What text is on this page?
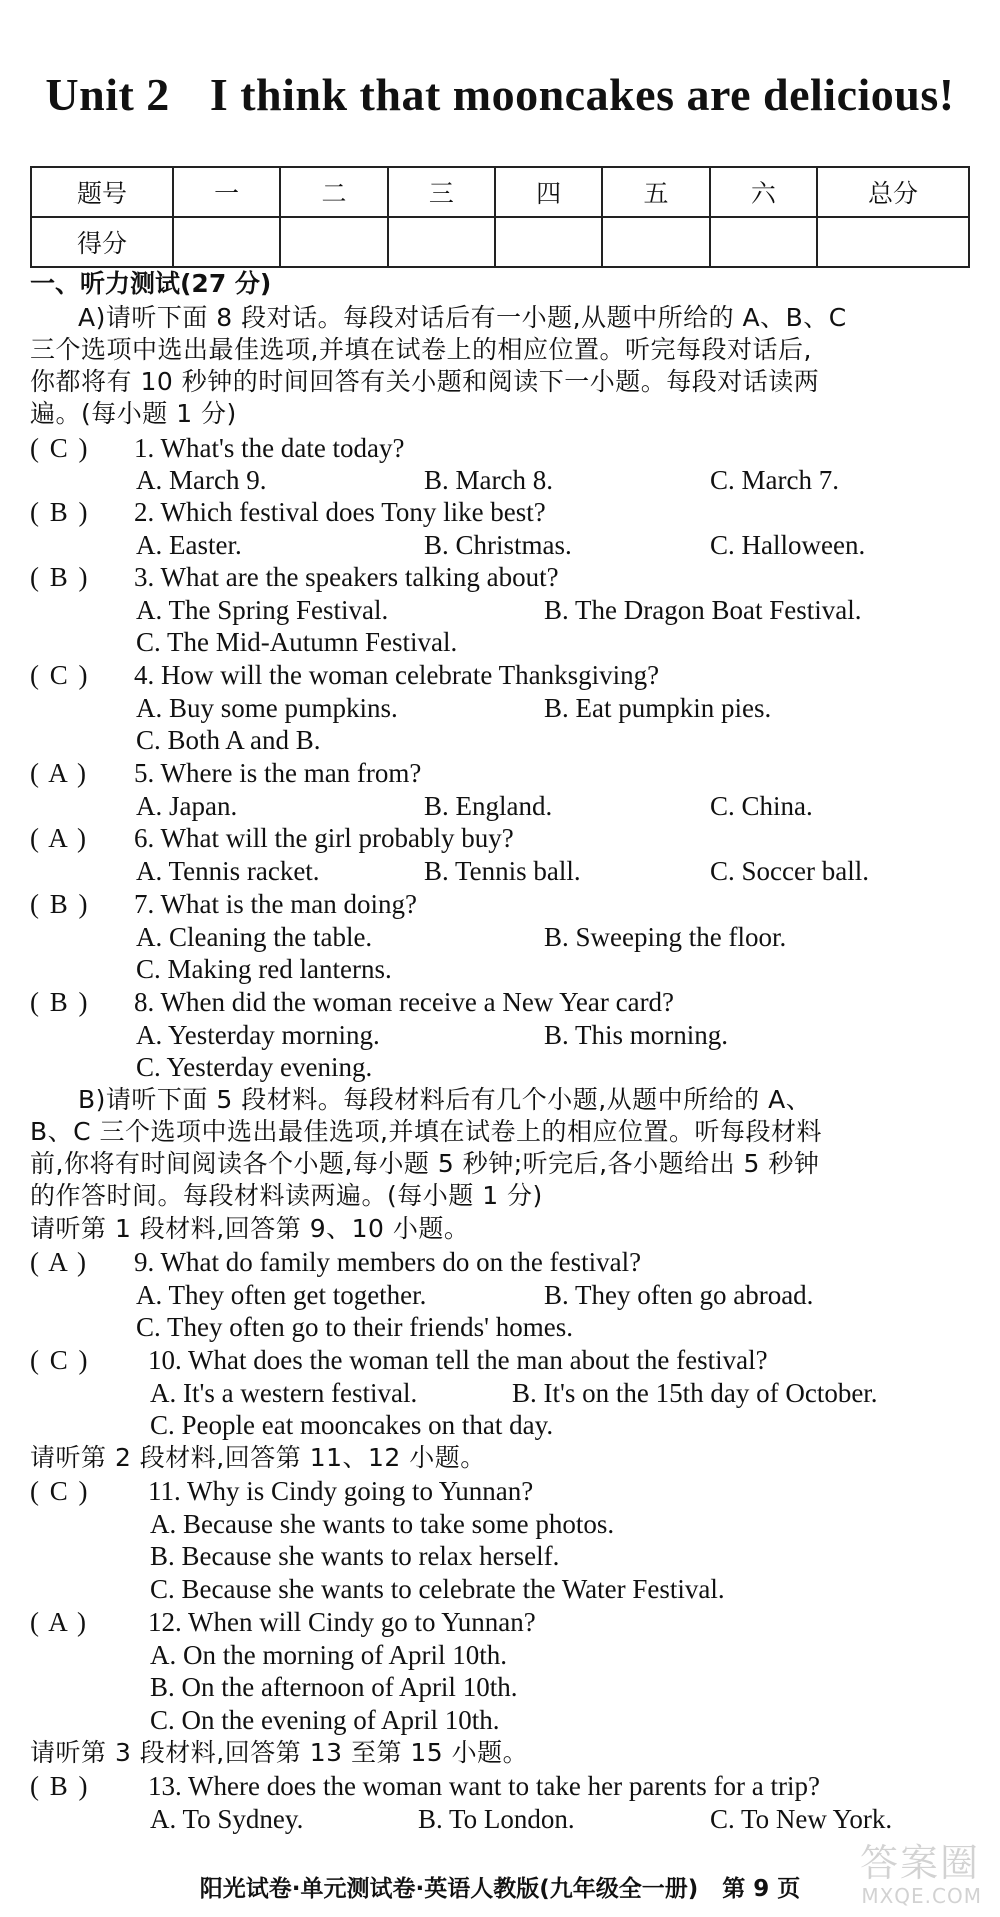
Unit 2 I think that mooncakes are delicious!
题号	一	二	三	四	五	六	总分
得分							
一、听力测试(27 分)
A)请听下面 8 段对话。每段对话后有一小题,从题中所给的 A、B、C
三个选项中选出最佳选项,并填在试卷上的相应位置。听完每段对话后,
你都将有 10 秒钟的时间回答有关小题和阅读下一小题。每段对话读两
遍。(每小题 1 分)
( C ) 1. What's the date today?
A. March 9.	B. March 8.	C. March 7.
( B ) 2. Which festival does Tony like best?
A. Easter.	B. Christmas.	C. Halloween.
( B ) 3. What are the speakers talking about?
A. The Spring Festival.	B. The Dragon Boat Festival.
C. The Mid-Autumn Festival.
( C ) 4. How will the woman celebrate Thanksgiving?
A. Buy some pumpkins.	B. Eat pumpkin pies.
C. Both A and B.
( A ) 5. Where is the man from?
A. Japan.	B. England.	C. China.
( A ) 6. What will the girl probably buy?
A. Tennis racket.	B. Tennis ball.	C. Soccer ball.
( B ) 7. What is the man doing?
A. Cleaning the table.	B. Sweeping the floor.
C. Making red lanterns.
( B ) 8. When did the woman receive a New Year card?
A. Yesterday morning.	B. This morning.
C. Yesterday evening.
B)请听下面 5 段材料。每段材料后有几个小题,从题中所给的 A、
B、C 三个选项中选出最佳选项,并填在试卷上的相应位置。听每段材料
前,你将有时间阅读各个小题,每小题 5 秒钟;听完后,各小题给出 5 秒钟
的作答时间。每段材料读两遍。(每小题 1 分)
请听第 1 段材料,回答第 9、10 小题。
( A ) 9. What do family members do on the festival?
A. They often get together.	B. They often go abroad.
C. They often go to their friends' homes.
( C ) 10. What does the woman tell the man about the festival?
A. It's a western festival.	B. It's on the 15th day of October.
C. People eat mooncakes on that day.
请听第 2 段材料,回答第 11、12 小题。
( C ) 11. Why is Cindy going to Yunnan?
A. Because she wants to take some photos.
B. Because she wants to relax herself.
C. Because she wants to celebrate the Water Festival.
( A ) 12. When will Cindy go to Yunnan?
A. On the morning of April 10th.
B. On the afternoon of April 10th.
C. On the evening of April 10th.
请听第 3 段材料,回答第 13 至第 15 小题。
( B ) 13. Where does the woman want to take her parents for a trip?
A. To Sydney.	B. To London.	C. To New York.
阳光试卷·单元测试卷·英语人教版(九年级全一册) 第 9 页
答案圈
MXQE.COM
